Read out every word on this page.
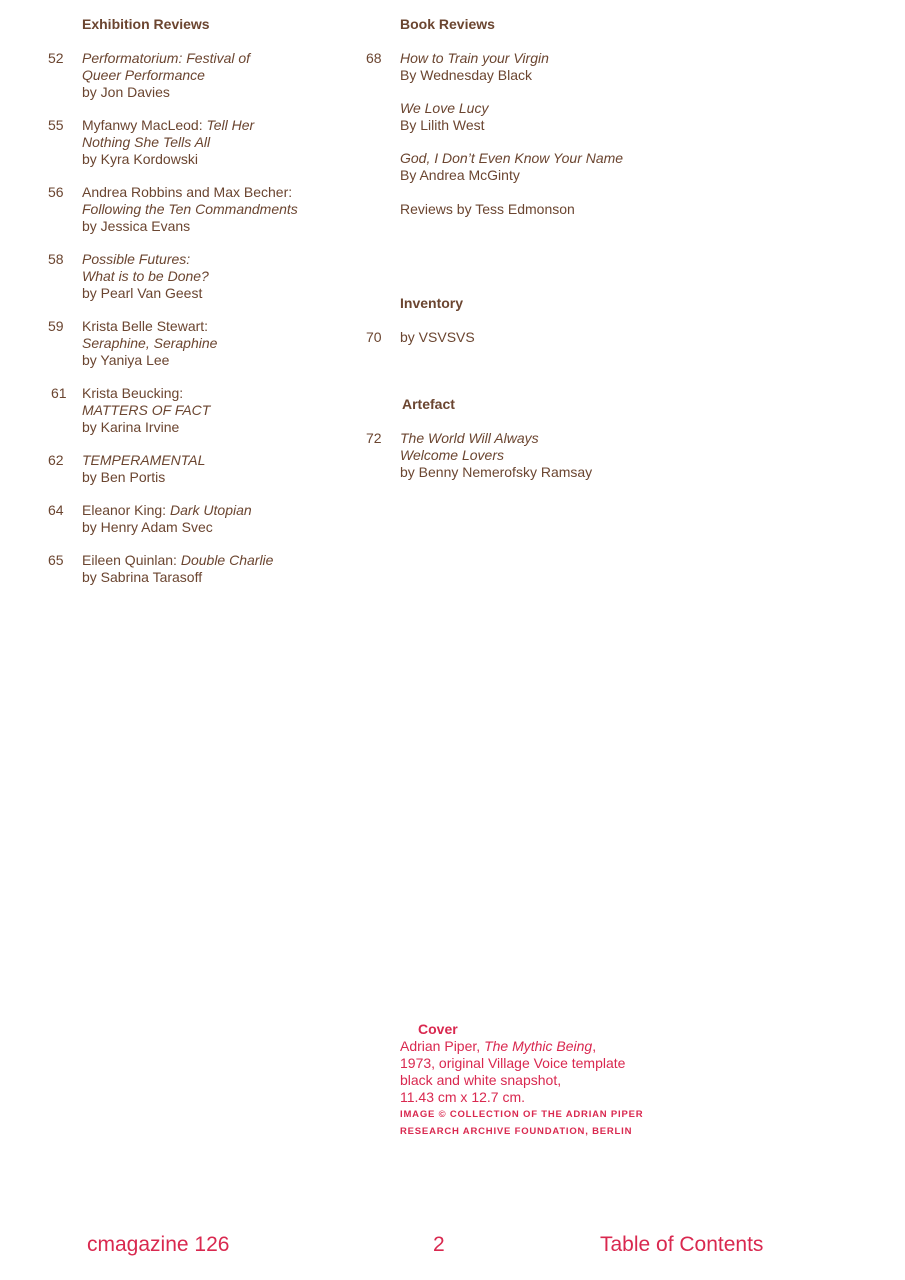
Exhibition Reviews
52 Performatorium: Festival of
Queer Performance
by Jon Davies
55 Myfanwy MacLeod: Tell Her
Nothing She Tells All
by Kyra Kordowski
56 Andrea Robbins and Max Becher:
Following the Ten Commandments
by Jessica Evans
58 Possible Futures:
What is to be Done?
by Pearl Van Geest
59 Krista Belle Stewart:
Seraphine, Seraphine
by Yaniya Lee
61 Krista Beucking:
MATTERS OF FACT
by Karina Irvine
62 TEMPERAMENTAL
by Ben Portis
64 Eleanor King: Dark Utopian
by Henry Adam Svec
65 Eileen Quinlan: Double Charlie
by Sabrina Tarasoff
Book Reviews
68 How to Train your Virgin
By Wednesday Black
We Love Lucy
By Lilith West
God, I Don’t Even Know Your Name
By Andrea McGinty
Reviews by Tess Edmonson
Inventory
70 by VSVSVS
Artefact
72 The World Will Always
Welcome Lovers
by Benny Nemerofsky Ramsay
Cover
Adrian Piper, The Mythic Being,
1973, original Village Voice template
black and white snapshot,
11.43 cm x 12.7 cm.
IMAGE © COLLECTION OF THE ADRIAN PIPER
RESEARCH ARCHIVE FOUNDATION, BERLIN
cmagazine 126	2	Table of Contents
